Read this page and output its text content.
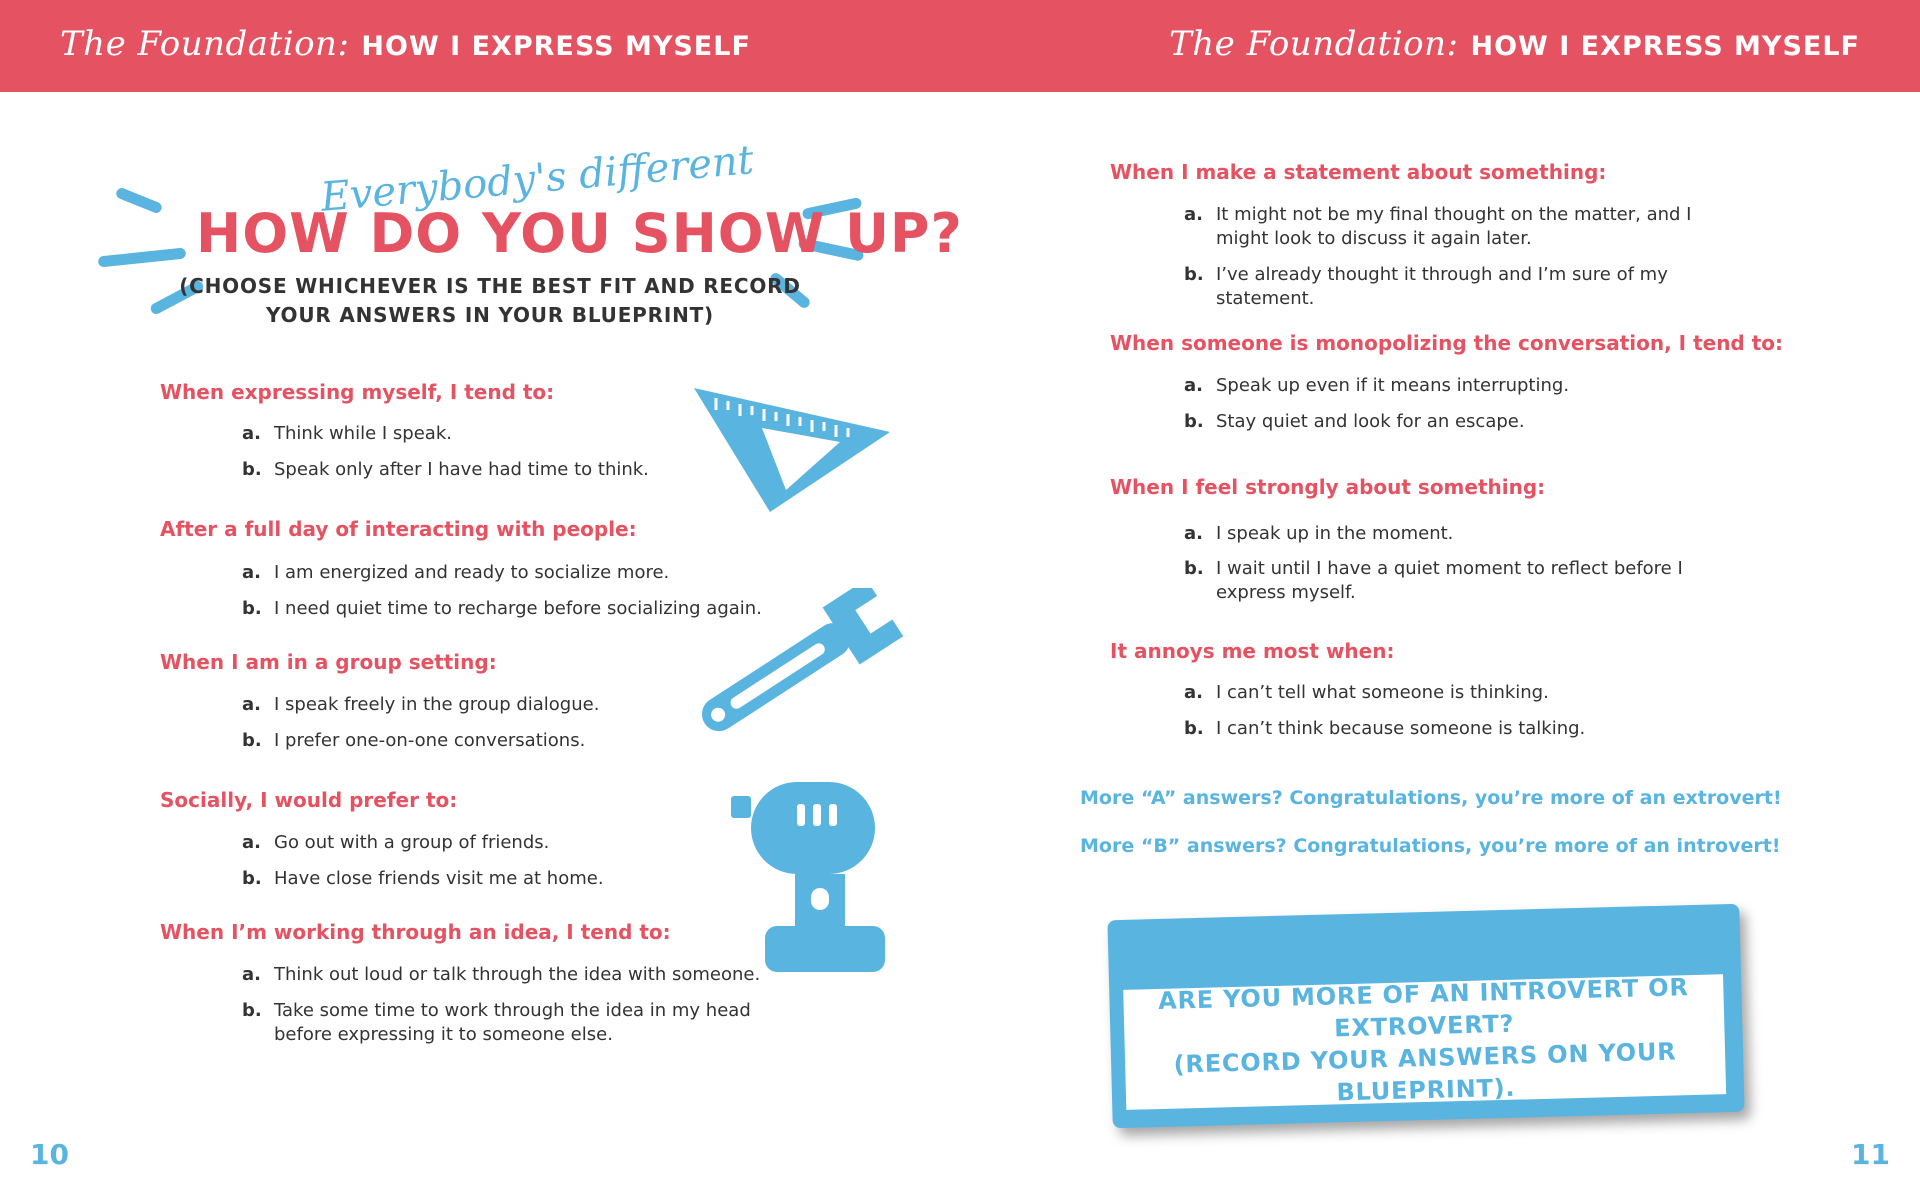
The Foundation: HOW I EXPRESS MYSELF	The Foundation: HOW I EXPRESS MYSELF
Everybody's different
HOW DO YOU SHOW UP?
(CHOOSE WHICHEVER IS THE BEST FIT AND RECORD
YOUR ANSWERS IN YOUR BLUEPRINT)
When expressing myself, I tend to:
a. Think while I speak.
b. Speak only after I have had time to think.
After a full day of interacting with people:
a. I am energized and ready to socialize more.
b. I need quiet time to recharge before socializing again.
When I am in a group setting:
a. I speak freely in the group dialogue.
b. I prefer one-on-one conversations.
Socially, I would prefer to:
a. Go out with a group of friends.
b. Have close friends visit me at home.
When I’m working through an idea, I tend to:
a. Think out loud or talk through the idea with someone.
b. Take some time to work through the idea in my head before expressing it to someone else.
When I make a statement about something:
a. It might not be my final thought on the matter, and I might look to discuss it again later.
b. I’ve already thought it through and I’m sure of my statement.
When someone is monopolizing the conversation, I tend to:
a. Speak up even if it means interrupting.
b. Stay quiet and look for an escape.
When I feel strongly about something:
a. I speak up in the moment.
b. I wait until I have a quiet moment to reflect before I express myself.
It annoys me most when:
a. I can’t tell what someone is thinking.
b. I can’t think because someone is talking.
More “A” answers? Congratulations, you’re more of an extrovert!
More “B” answers? Congratulations, you’re more of an introvert!
ARE YOU MORE OF AN INTROVERT OR EXTROVERT?
(RECORD YOUR ANSWERS ON YOUR BLUEPRINT).
10	11
